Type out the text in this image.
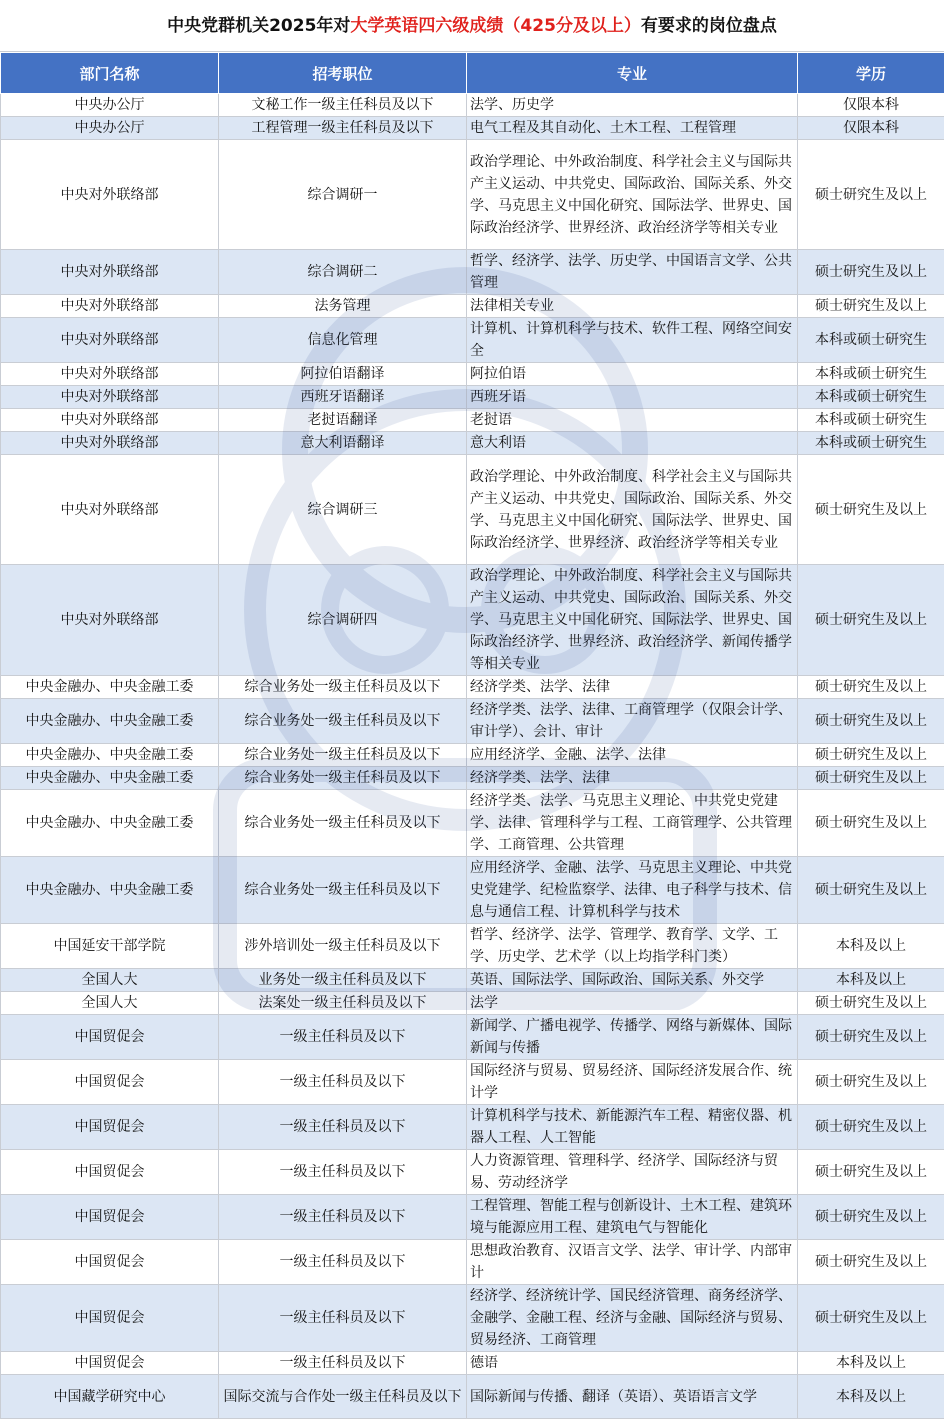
中央党群机关2025年对大学英语四六级成绩（425分及以上）有要求的岗位盘点
部门名称	招考职位	专业	学历
中央办公厅	文秘工作一级主任科员及以下	法学、历史学	仅限本科
中央办公厅	工程管理一级主任科员及以下	电气工程及其自动化、土木工程、工程管理	仅限本科
中央对外联络部	综合调研一	政治学理论、中外政治制度、科学社会主义与国际共产主义运动、中共党史、国际政治、国际关系、外交学、马克思主义中国化研究、国际法学、世界史、国际政治经济学、世界经济、政治经济学等相关专业	硕士研究生及以上
中央对外联络部	综合调研二	哲学、经济学、法学、历史学、中国语言文学、公共管理	硕士研究生及以上
中央对外联络部	法务管理	法律相关专业	硕士研究生及以上
中央对外联络部	信息化管理	计算机、计算机科学与技术、软件工程、网络空间安全	本科或硕士研究生
中央对外联络部	阿拉伯语翻译	阿拉伯语	本科或硕士研究生
中央对外联络部	西班牙语翻译	西班牙语	本科或硕士研究生
中央对外联络部	老挝语翻译	老挝语	本科或硕士研究生
中央对外联络部	意大利语翻译	意大利语	本科或硕士研究生
中央对外联络部	综合调研三	政治学理论、中外政治制度、科学社会主义与国际共产主义运动、中共党史、国际政治、国际关系、外交学、马克思主义中国化研究、国际法学、世界史、国际政治经济学、世界经济、政治经济学等相关专业	硕士研究生及以上
中央对外联络部	综合调研四	政治学理论、中外政治制度、科学社会主义与国际共产主义运动、中共党史、国际政治、国际关系、外交学、马克思主义中国化研究、国际法学、世界史、国际政治经济学、世界经济、政治经济学、新闻传播学等相关专业	硕士研究生及以上
中央金融办、中央金融工委	综合业务处一级主任科员及以下	经济学类、法学、法律	硕士研究生及以上
中央金融办、中央金融工委	综合业务处一级主任科员及以下	经济学类、法学、法律、工商管理学（仅限会计学、审计学）、会计、审计	硕士研究生及以上
中央金融办、中央金融工委	综合业务处一级主任科员及以下	应用经济学、金融、法学、法律	硕士研究生及以上
中央金融办、中央金融工委	综合业务处一级主任科员及以下	经济学类、法学、法律	硕士研究生及以上
中央金融办、中央金融工委	综合业务处一级主任科员及以下	经济学类、法学、马克思主义理论、中共党史党建学、法律、管理科学与工程、工商管理学、公共管理学、工商管理、公共管理	硕士研究生及以上
中央金融办、中央金融工委	综合业务处一级主任科员及以下	应用经济学、金融、法学、马克思主义理论、中共党史党建学、纪检监察学、法律、电子科学与技术、信息与通信工程、计算机科学与技术	硕士研究生及以上
中国延安干部学院	涉外培训处一级主任科员及以下	哲学、经济学、法学、管理学、教育学、文学、工学、历史学、艺术学（以上均指学科门类）	本科及以上
全国人大	业务处一级主任科员及以下	英语、国际法学、国际政治、国际关系、外交学	本科及以上
全国人大	法案处一级主任科员及以下	法学	硕士研究生及以上
中国贸促会	一级主任科员及以下	新闻学、广播电视学、传播学、网络与新媒体、国际新闻与传播	硕士研究生及以上
中国贸促会	一级主任科员及以下	国际经济与贸易、贸易经济、国际经济发展合作、统计学	硕士研究生及以上
中国贸促会	一级主任科员及以下	计算机科学与技术、新能源汽车工程、精密仪器、机器人工程、人工智能	硕士研究生及以上
中国贸促会	一级主任科员及以下	人力资源管理、管理科学、经济学、国际经济与贸易、劳动经济学	硕士研究生及以上
中国贸促会	一级主任科员及以下	工程管理、智能工程与创新设计、土木工程、建筑环境与能源应用工程、建筑电气与智能化	硕士研究生及以上
中国贸促会	一级主任科员及以下	思想政治教育、汉语言文学、法学、审计学、内部审计	硕士研究生及以上
中国贸促会	一级主任科员及以下	经济学、经济统计学、国民经济管理、商务经济学、金融学、金融工程、经济与金融、国际经济与贸易、贸易经济、工商管理	硕士研究生及以上
中国贸促会	一级主任科员及以下	德语	本科及以上
中国藏学研究中心	国际交流与合作处一级主任科员及以下	国际新闻与传播、翻译（英语）、英语语言文学	本科及以上
